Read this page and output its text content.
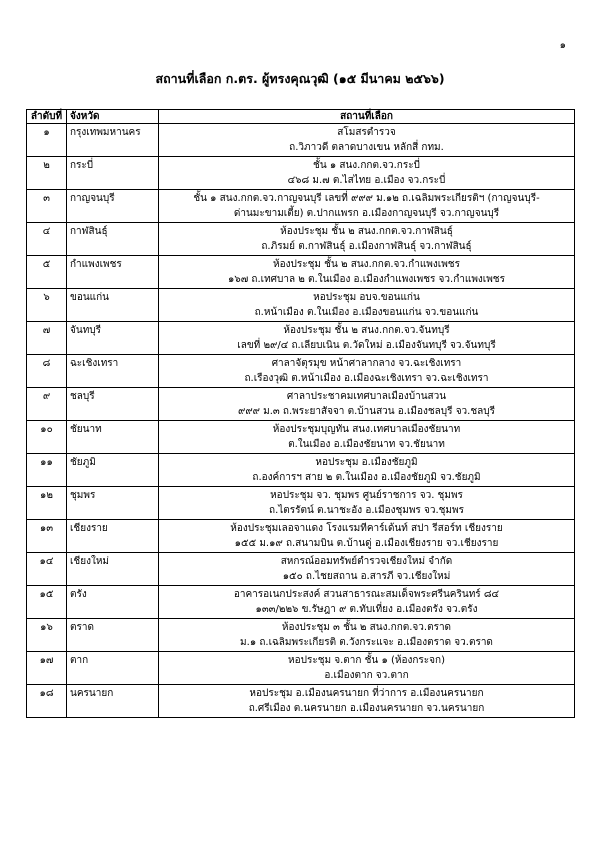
๑
สถานที่เลือก ก.ตร. ผู้ทรงคุณวุฒิ (๑๕ มีนาคม ๒๕๖๖)
ลำดับที่	จังหวัด	สถานที่เลือก
๑	กรุงเทพมหานคร	สโมสรตำรวจ
ถ.วิภาวดี ตลาดบางเขน หลักสี่ กทม.

๒	กระบี่	ชั้น ๑ สนง.กกต.จว.กระบี่
๔๖๘ ม.๗ ต.ไสไทย อ.เมือง จว.กระบี่

๓	กาญจนบุรี	ชั้น ๑ สนง.กกต.จว.กาญจนบุรี เลขที่ ๙๙๙ ม.๑๒ ถ.เฉลิมพระเกียรติฯ (กาญจนบุรี-
ด่านมะขามเตี้ย) ต.ปากแพรก อ.เมืองกาญจนบุรี จว.กาญจนบุรี

๔	กาฬสินธุ์	ห้องประชุม ชั้น ๒ สนง.กกต.จว.กาฬสินธุ์
ถ.ภิรมย์ ต.กาฬสินธุ์ อ.เมืองกาฬสินธุ์ จว.กาฬสินธุ์

๕	กำแพงเพชร	ห้องประชุม ชั้น ๒ สนง.กกต.จว.กำแพงเพชร
๑๖๗ ถ.เทศบาล ๒ ต.ในเมือง อ.เมืองกำแพงเพชร จว.กำแพงเพชร

๖	ขอนแก่น	หอประชุม อบจ.ขอนแก่น
ถ.หน้าเมือง ต.ในเมือง อ.เมืองขอนแก่น จว.ขอนแก่น

๗	จันทบุรี	ห้องประชุม ชั้น ๒ สนง.กกต.จว.จันทบุรี
เลขที่ ๒๙/๔ ถ.เลียบเนิน ต.วัดใหม่ อ.เมืองจันทบุรี จว.จันทบุรี

๘	ฉะเชิงเทรา	ศาลาจัตุรมุข หน้าศาลากลาง จว.ฉะเชิงเทรา
ถ.เรืองวุฒิ ต.หน้าเมือง อ.เมืองฉะเชิงเทรา จว.ฉะเชิงเทรา

๙	ชลบุรี	ศาลาประชาคมเทศบาลเมืองบ้านสวน
๙๙๙ ม.๓ ถ.พระยาสัจจา ต.บ้านสวน อ.เมืองชลบุรี จว.ชลบุรี

๑๐	ชัยนาท	ห้องประชุมบุญทัน สนง.เทศบาลเมืองชัยนาท
ต.ในเมือง อ.เมืองชัยนาท จว.ชัยนาท

๑๑	ชัยภูมิ	หอประชุม อ.เมืองชัยภูมิ
ถ.องค์การฯ สาย ๒ ต.ในเมือง อ.เมืองชัยภูมิ จว.ชัยภูมิ

๑๒	ชุมพร	หอประชุม จว. ชุมพร ศูนย์ราชการ จว. ชุมพร
ถ.ไตรรัตน์ ต.นาชะอัง อ.เมืองชุมพร จว.ชุมพร

๑๓	เชียงราย	ห้องประชุมเลอจาแดง โรงแรมทีคาร์เด้นท์ สปา รีสอร์ท เชียงราย
๑๕๕ ม.๑๙ ถ.สนามบิน ต.บ้านดู่ อ.เมืองเชียงราย จว.เชียงราย

๑๔	เชียงใหม่	สหกรณ์ออมทรัพย์ตำรวจเชียงใหม่ จำกัด
๑๕๐ ถ.ไชยสถาน อ.สารภี จว.เชียงใหม่

๑๕	ตรัง	อาคารอเนกประสงค์ สวนสาธารณะสมเด็จพระศรีนครินทร์ ๘๔
๑๓๓/๒๒๖ ข.รัษฎา ๙ ต.ทับเที่ยง อ.เมืองตรัง จว.ตรัง

๑๖	ตราด	ห้องประชุม ๓ ชั้น ๒ สนง.กกต.จว.ตราด
ม.๑ ถ.เฉลิมพระเกียรติ ต.วังกระแจะ อ.เมืองตราด จว.ตราด

๑๗	ตาก	หอประชุม จ.ตาก ชั้น ๑ (ห้องกระจก)
อ.เมืองตาก จว.ตาก

๑๘	นครนายก	หอประชุม อ.เมืองนครนายก ที่ว่าการ อ.เมืองนครนายก
ถ.ศรีเมือง ต.นครนายก อ.เมืองนครนายก จว.นครนายก
